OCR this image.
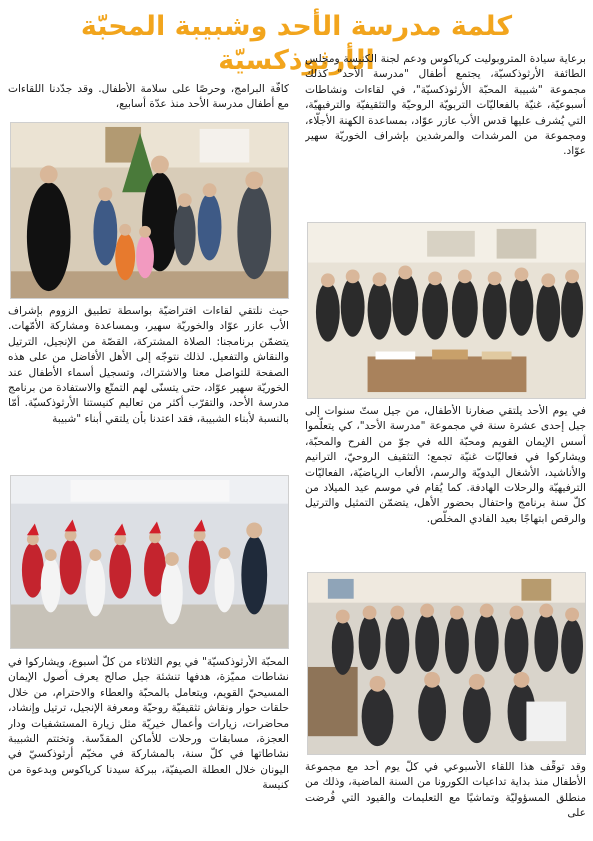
كلمة مدرسة الأحد وشبيبة المحبّة الأرثوذكسيّة

برعاية سيادة المتروبوليت كرياكوس ودعم لجنة الكنيسة ومجلس الطائفة الأرثوذكسيّة، يجتمع أطفال "مدرسة الأحد" كذلك مجموعة "شبيبة المحبّة الأرثوذكسيّة"، في لقاءات ونشاطات أسبوعيّة، غنيّة بالفعاليّات التربويّة الروحيّة والتثقيفيّة والترفيهيّة، التي يُشرف عليها قدس الأب عازر عوّاد، بمساعدة الكهنة الأجلّاء، ومجموعة من المرشدات والمرشدين بإشراف الخوريّة سهير عوّاد.

في يوم الأحد يلتقي صغارنا الأطفال، من جيل ستّ سنوات إلى جيل إحدى عشرة سنة في مجموعة "مدرسة الأحد"، كي يتعلّموا أسس الإيمان القويم ومحبّة الله في جوّ من الفرح والمحبّة، ويشاركوا في فعاليّات غنيّة تجمع: التثقيف الروحيّ، الترانيم والأناشيد، الأشغال اليدويّة والرسم، الألعاب الرياضيّة، الفعاليّات الترفيهيّة والرحلات الهادفة. كما يُقام في موسم عيد الميلاد من كلّ سنة برنامج واحتفال بحضور الأهل، يتضمّن التمثيل والترتيل والرقص ابتهاجًا بعيد الفادي المخلّص.

وقد توقّف هذا اللقاء الأسبوعي في كلّ يوم أحد مع مجموعة الأطفال منذ بداية تداعيات الكورونا من السنة الماضية، وذلك من منطلق المسؤوليّة وتماشيًا مع التعليمات والقيود التي فُرضت على

كافّة البرامج، وحرصًا على سلامة الأطفال. وقد جدّدنا اللقاءات مع أطفال مدرسة الأحد منذ عدّة أسابيع،

حيث نلتقي لقاءات افتراضيّة بواسطة تطبيق الزووم بإشراف الأب عازر عوّاد والخوريّة سهير، وبمساعدة ومشاركة الأمّهات. يتضمّن برنامجنا: الصلاة المشتركة، القصّة من الإنجيل، الترتيل والنقاش والتفعيل. لذلك نتوجّه إلى الأهل الأفاضل من على هذه الصفحة للتواصل معنا والاشتراك، وتسجيل أسماء الأطفال عند الخوريّة سهير عوّاد، حتى يتسنّى لهم التمتّع والاستفادة من برنامج مدرسة الأحد، والتقرّب أكثر من تعاليم كنيستنا الأرثوذكسيّة. أمّا بالنسبة لأبناء الشبيبة، فقد اعتدنا بأن يلتقي أبناء "شبيبة

المحبّة الأرثوذكسيّة" في يوم الثلاثاء من كلّ أسبوع، ويشاركوا في نشاطات مميّزة، هدفها تنشئة جيل صالح يعرف أصول الإيمان المسيحيّ القويم، ويتعامل بالمحبّة والعطاء والاحترام، من خلال حلقات حوار ونقاش تثقيفيّة روحيّة ومعرفة الإنجيل، ترتيل وإنشاد، محاضرات، زيارات وأعمال خيريّة مثل زيارة المستشفيات ودار العجزة، مسابقات ورحلات للأماكن المقدّسة. وتختتم الشبيبة نشاطاتها في كلّ سنة، بالمشاركة في مخيّم أرثوذكسيّ في اليونان خلال العطلة الصيفيّة، ببركة سيدنا كرياكوس وبدعوة من كنيسة
